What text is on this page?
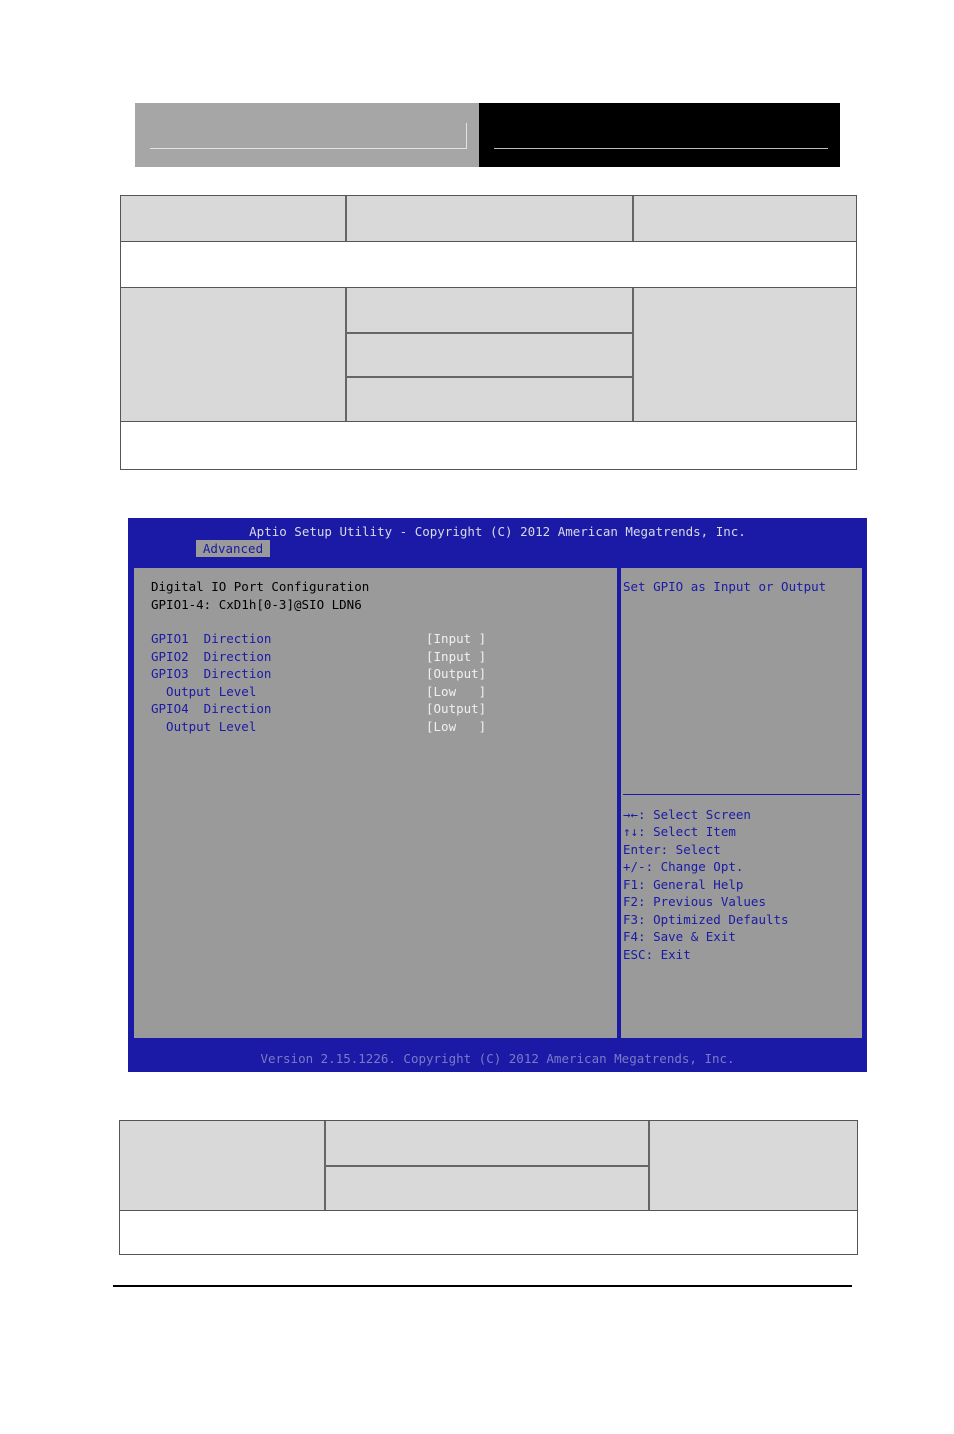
Aptio Setup Utility - Copyright (C) 2012 American Megatrends, Inc.
Advanced
Digital IO Port Configuration
GPIO1-4: CxD1h[0-3]@SIO LDN6
GPIO1  Direction	[Input ]
GPIO2  Direction	[Input ]
GPIO3  Direction	[Output]
Output Level	[Low   ]
GPIO4  Direction	[Output]
Output Level	[Low   ]
Set GPIO as Input or Output
→←: Select Screen
↑↓: Select Item
Enter: Select
+/-: Change Opt.
F1: General Help
F2: Previous Values
F3: Optimized Defaults
F4: Save & Exit
ESC: Exit
Version 2.15.1226. Copyright (C) 2012 American Megatrends, Inc.
